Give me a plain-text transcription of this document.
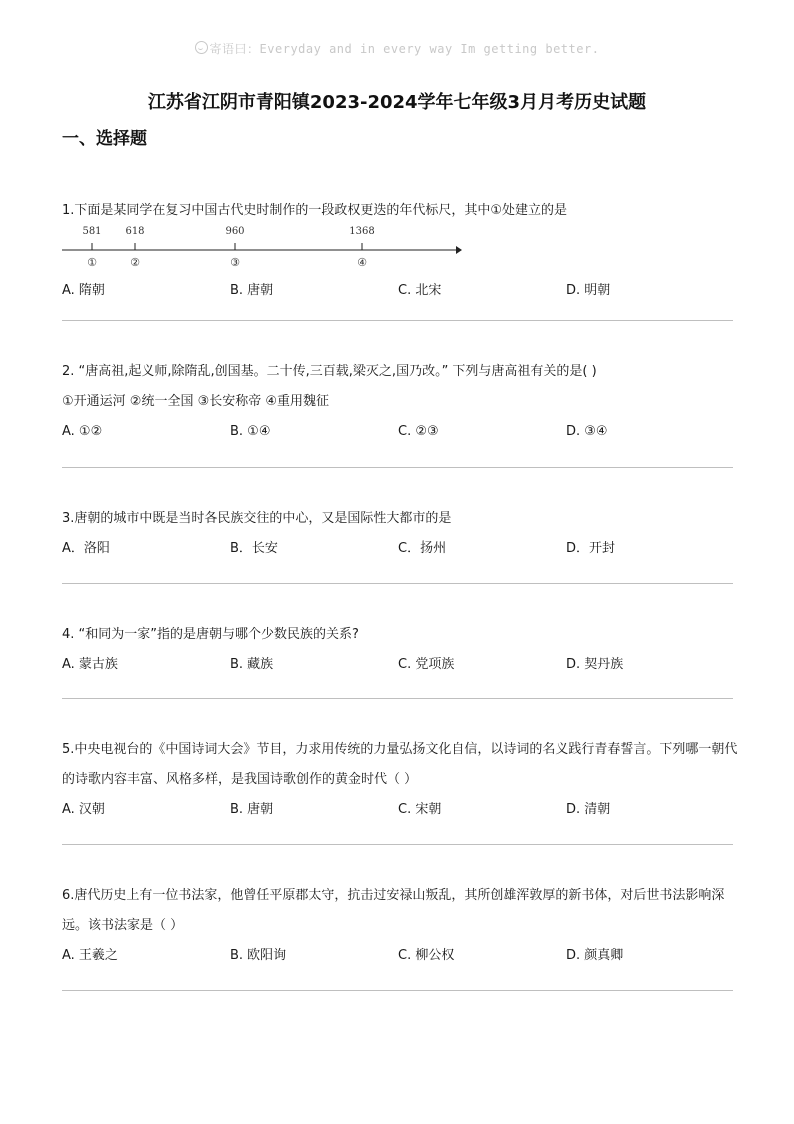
寄语曰：Everyday and in every way Im getting better.
江苏省江阴市青阳镇2023-2024学年七年级3月月考历史试题
一、选择题
1.下面是某同学在复习中国古代史时制作的一段政权更迭的年代标尺，其中①处建立的是
581 618	960	1368
①	②	③	④
A. 隋朝	B. 唐朝	C. 北宋	D. 明朝
2. “唐高祖,起义师,除隋乱,创国基。二十传,三百载,梁灭之,国乃改。” 下列与唐高祖有关的是( )
①开通运河 ②统一全国 ③长安称帝 ④重用魏征
A. ①②	B. ①④	C. ②③	D. ③④
3.唐朝的城市中既是当时各民族交往的中心，又是国际性大都市的是
A．洛阳	B．长安	C．扬州	D．开封
4. “和同为一家”指的是唐朝与哪个少数民族的关系?
A. 蒙古族	B. 藏族	C. 党项族	D. 契丹族
5.中央电视台的《中国诗词大会》节目，力求用传统的力量弘扬文化自信，以诗词的名义践行青春誓言。下列哪一朝代的诗歌内容丰富、风格多样，是我国诗歌创作的黄金时代（ ）
A. 汉朝	B. 唐朝	C. 宋朝	D. 清朝
6.唐代历史上有一位书法家，他曾任平原郡太守，抗击过安禄山叛乱，其所创雄浑敦厚的新书体，对后世书法影响深远。该书法家是（ ）
A. 王羲之	B. 欧阳询	C. 柳公权	D. 颜真卿
